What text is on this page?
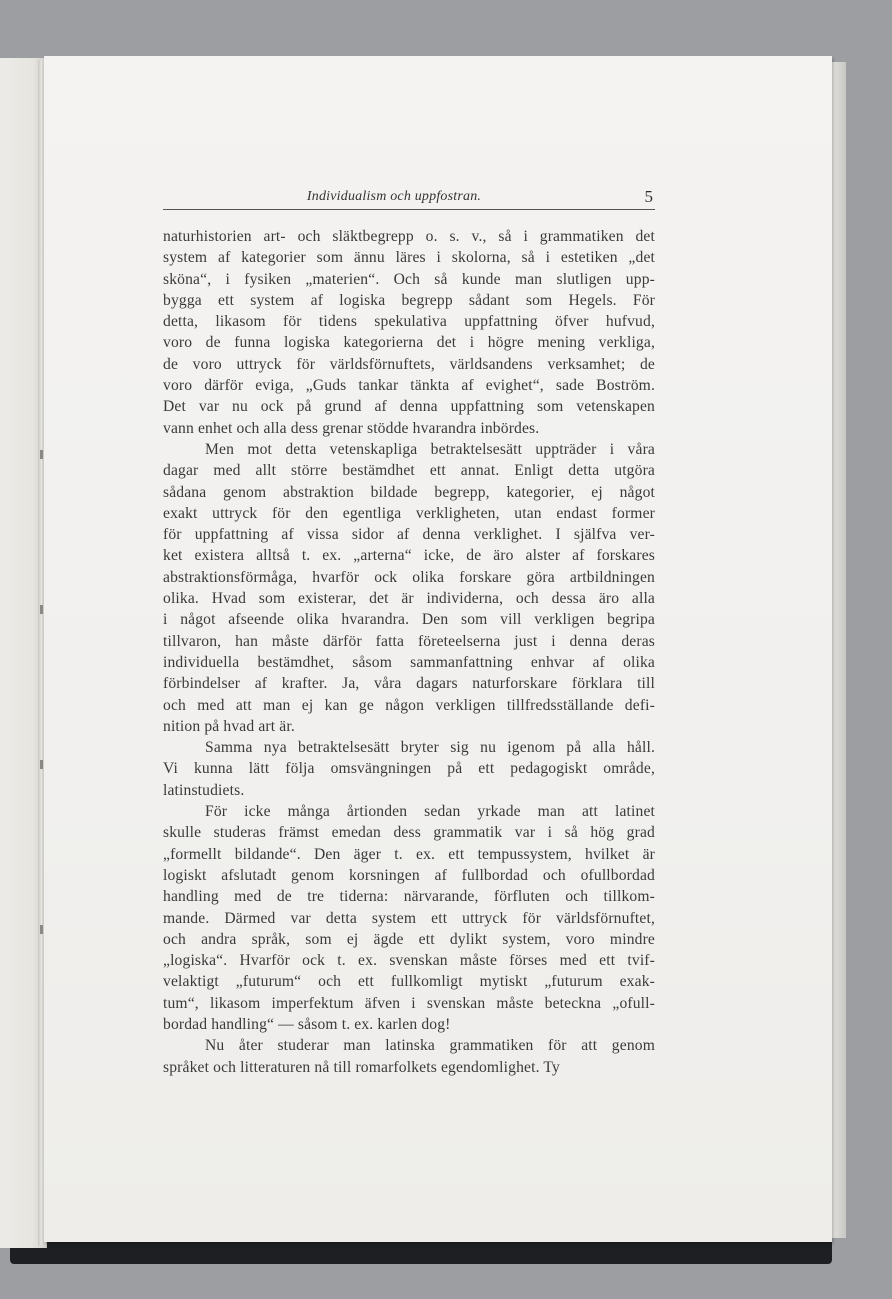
Individualism och uppfostran.	5
naturhistorien art- och släktbegrepp o. s. v., så i grammatiken det
system af kategorier som ännu läres i skolorna, så i estetiken „det
sköna“, i fysiken „materien“. Och så kunde man slutligen upp-
bygga ett system af logiska begrepp sådant som Hegels. För
detta, likasom för tidens spekulativa uppfattning öfver hufvud,
voro de funna logiska kategorierna det i högre mening verkliga,
de voro uttryck för världsförnuftets, världsandens verksamhet; de
voro därför eviga, „Guds tankar tänkta af evighet“, sade Boström.
Det var nu ock på grund af denna uppfattning som vetenskapen
vann enhet och alla dess grenar stödde hvarandra inbördes.
Men mot detta vetenskapliga betraktelsesätt uppträder i våra
dagar med allt större bestämdhet ett annat. Enligt detta utgöra
sådana genom abstraktion bildade begrepp, kategorier, ej något
exakt uttryck för den egentliga verkligheten, utan endast former
för uppfattning af vissa sidor af denna verklighet. I själfva ver-
ket existera alltså t. ex. „arterna“ icke, de äro alster af forskares
abstraktionsförmåga, hvarför ock olika forskare göra artbildningen
olika. Hvad som existerar, det är individerna, och dessa äro alla
i något afseende olika hvarandra. Den som vill verkligen begripa
tillvaron, han måste därför fatta företeelserna just i denna deras
individuella bestämdhet, såsom sammanfattning enhvar af olika
förbindelser af krafter. Ja, våra dagars naturforskare förklara till
och med att man ej kan ge någon verkligen tillfredsställande defi-
nition på hvad art är.
Samma nya betraktelsesätt bryter sig nu igenom på alla håll.
Vi kunna lätt följa omsvängningen på ett pedagogiskt område,
latinstudiets.
För icke många årtionden sedan yrkade man att latinet
skulle studeras främst emedan dess grammatik var i så hög grad
„formellt bildande“. Den äger t. ex. ett tempussystem, hvilket är
logiskt afslutadt genom korsningen af fullbordad och ofullbordad
handling med de tre tiderna: närvarande, förfluten och tillkom-
mande. Därmed var detta system ett uttryck för världsförnuftet,
och andra språk, som ej ägde ett dylikt system, voro mindre
„logiska“. Hvarför ock t. ex. svenskan måste förses med ett tvif-
velaktigt „futurum“ och ett fullkomligt mytiskt „futurum exak-
tum“, likasom imperfektum äfven i svenskan måste beteckna „ofull-
bordad handling“ — såsom t. ex. karlen dog!
Nu åter studerar man latinska grammatiken för att genom
språket och litteraturen nå till romarfolkets egendomlighet. Ty
